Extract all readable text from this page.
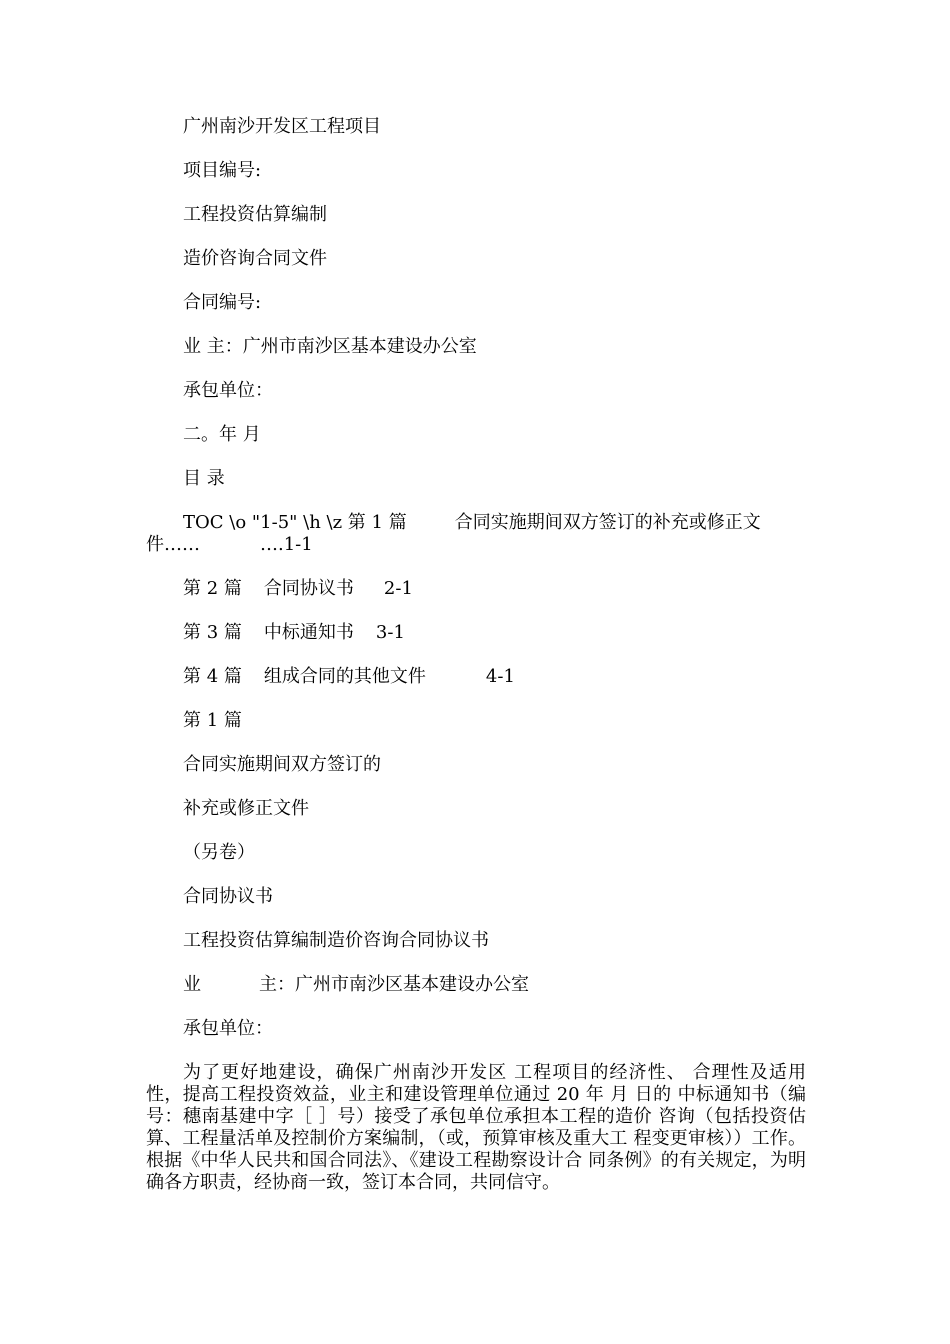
广州南沙开发区工程项目
项目编号:
工程投资估算编制
造价咨询合同文件
合同编号:
业 主：广州市南沙区基本建设办公室
承包单位：
二。年 月
目 录
TOC \o "1-5" \h \z 第 1 篇	合同实施期间双方签订的补充或修正文件……	….1-1
第 2 篇 合同协议书 2-1
第 3 篇 中标通知书 3-1
第 4 篇 组成合同的其他文件	4-1
第 1 篇
合同实施期间双方签订的
补充或修正文件
（另卷）
合同协议书
工程投资估算编制造价咨询合同协议书
业	主：广州市南沙区基本建设办公室
承包单位：
为了更好地建设，确保广州南沙开发区 工程项目的经济性、 合理性及适用性，提高工程投资效益，业主和建设管理单位通过 20 年 月 日的 中标通知书（编号：穗南基建中字［ ］号）接受了承包单位承担本工程的造价 咨询（包括投资估算、工程量活单及控制价方案编制，（或，预算审核及重大工 程变更审核））工作。根据《中华人民共和国合同法》、《建设工程勘察设计合 同条例》的有关规定，为明确各方职责，经协商一致，签订本合同，共同信守。
